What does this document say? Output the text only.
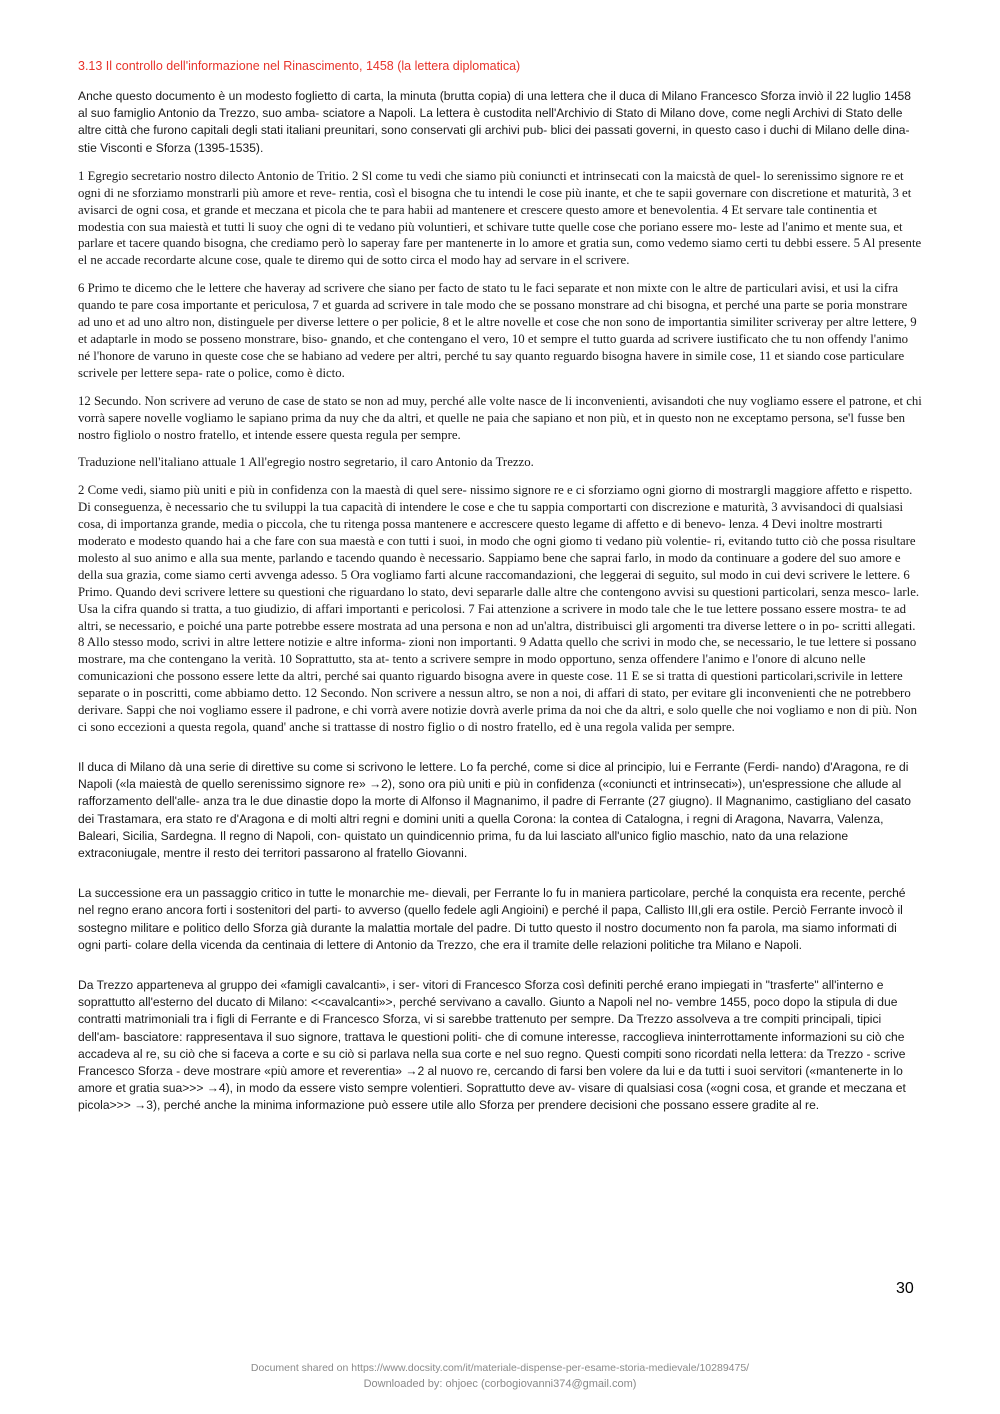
3.13 Il controllo dell'informazione nel Rinascimento, 1458 (la lettera diplomatica)

Anche questo documento è un modesto foglietto di carta, la minuta (brutta copia) di una lettera che il duca di Milano Francesco Sforza inviò il 22 luglio 1458 al suo famiglio Antonio da Trezzo, suo amba- sciatore a Napoli. La lettera è custodita nell'Archivio di Stato di Milano dove, come negli Archivi di Stato delle altre città che furono capitali degli stati italiani preunitari, sono conservati gli archivi pub- blici dei passati governi, in questo caso i duchi di Milano delle dina- stie Visconti e Sforza (1395-1535).

1 Egregio secretario nostro dilecto Antonio de Tritio. 2 Sl come tu vedi che siamo più coniuncti et intrinsecati con la maicstà de quel- lo serenissimo signore re et ogni di ne sforziamo monstrarli più amore et reve- rentia, così el bisogna che tu intendi le cose più inante, et che te sapii governare con discretione et maturità, 3 et avisarci de ogni cosa, et grande et meczana et picola che te para habii ad mantenere et crescere questo amore et benevolentia. 4 Et servare tale continentia et modestia con sua maiestà et tutti li suoy che ogni di te vedano più voluntieri, et schivare tutte quelle cose che poriano essere mo- leste ad l'animo et mente sua, et parlare et tacere quando bisogna, che crediamo però lo saperay fare per mantenerte in lo amore et gratia sun, como vedemo siamo certi tu debbi essere. 5 Al presente el ne accade recordarte alcune cose, quale te diremo qui de sotto circa el modo hay ad servare in el scrivere.

6 Primo te dicemo che le lettere che haveray ad scrivere che siano per facto de stato tu le faci separate et non mixte con le altre de particulari avisi, et usi la cifra quando te pare cosa importante et periculosa, 7 et guarda ad scrivere in tale modo che se possano monstrare ad chi bisogna, et perché una parte se poria monstrare ad uno et ad uno altro non, distinguele per diverse lettere o per policie, 8 et le altre novelle et cose che non sono de importantia similiter scriveray per altre lettere, 9 et adaptarle in modo se posseno monstrare, biso- gnando, et che contengano el vero, 10 et sempre el tutto guarda ad scrivere iustificato che tu non offendy l'animo né l'honore de varuno in queste cose che se habiano ad vedere per altri, perché tu say quanto reguardo bisogna havere in simile cose, 11 et siando cose particulare scrivele per lettere sepa- rate o police, como è dicto.

12 Secundo. Non scrivere ad veruno de case de stato se non ad muy, perché alle volte nasce de li inconvenienti, avisandoti che nuy vogliamo essere el patrone, et chi vorrà sapere novelle vogliamo le sapiano prima da nuy che da altri, et quelle ne paia che sapiano et non più, et in questo non ne exceptamo persona, se'l fusse ben nostro figliolo o nostro fratello, et intende essere questa regula per sempre.

Traduzione nell'italiano attuale 1 All'egregio nostro segretario, il caro Antonio da Trezzo.

2 Come vedi, siamo più uniti e più in confidenza con la maestà di quel sere- nissimo signore re e ci sforziamo ogni giorno di mostrargli maggiore affetto e rispetto. Di conseguenza, è necessario che tu sviluppi la tua capacità di intendere le cose e che tu sappia comportarti con discrezione e maturità, 3 avvisandoci di qualsiasi cosa, di importanza grande, media o piccola, che tu ritenga possa mantenere e accrescere questo legame di affetto e di benevo- lenza. 4 Devi inoltre mostrarti moderato e modesto quando hai a che fare con sua maestà e con tutti i suoi, in modo che ogni giomo ti vedano più volentie- ri, evitando tutto ciò che possa risultare molesto al suo animo e alla sua mente, parlando e tacendo quando è necessario. Sappiamo bene che saprai farlo, in modo da continuare a godere del suo amore e della sua grazia, come siamo certi avvenga adesso. 5 Ora vogliamo farti alcune raccomandazioni, che leggerai di seguito, sul modo in cui devi scrivere le lettere. 6 Primo. Quando devi scrivere lettere su questioni che riguardano lo stato, devi separarle dalle altre che contengono avvisi su questioni particolari, senza mesco- larle. Usa la cifra quando si tratta, a tuo giudizio, di affari importanti e pericolosi. 7 Fai attenzione a scrivere in modo tale che le tue lettere possano essere mostra- te ad altri, se necessario, e poiché una parte potrebbe essere mostrata ad una persona e non ad un'altra, distribuisci gli argomenti tra diverse lettere o in po- scritti allegati. 8 Allo stesso modo, scrivi in altre lettere notizie e altre informa- zioni non importanti. 9 Adatta quello che scrivi in modo che, se necessario, le tue lettere si possano mostrare, ma che contengano la verità. 10 Soprattutto, sta at- tento a scrivere sempre in modo opportuno, senza offendere l'animo e l'onore di alcuno nelle comunicazioni che possono essere lette da altri, perché sai quanto riguardo bisogna avere in queste cose. 11 E se si tratta di questioni particolari,scrivile in lettere separate o in poscritti, come abbiamo detto. 12 Secondo. Non scrivere a nessun altro, se non a noi, di affari di stato, per evitare gli inconvenienti che ne potrebbero derivare. Sappi che noi vogliamo essere il padrone, e chi vorrà avere notizie dovrà averle prima da noi che da altri, e solo quelle che noi vogliamo e non di più. Non ci sono eccezioni a questa regola, quand' anche si trattasse di nostro figlio o di nostro fratello, ed è una regola valida per sempre.

Il duca di Milano dà una serie di direttive su come si scrivono le lettere. Lo fa perché, come si dice al principio, lui e Ferrante (Ferdi- nando) d'Aragona, re di Napoli («la maiestà de quello serenissimo signore re» →2), sono ora più uniti e più in confidenza («coniuncti et intrinsecati»), un'espressione che allude al rafforzamento dell'alle- anza tra le due dinastie dopo la morte di Alfonso il Magnanimo, il padre di Ferrante (27 giugno). Il Magnanimo, castigliano del casato dei Trastamara, era stato re d'Aragona e di molti altri regni e domini uniti a quella Corona: la contea di Catalogna, i regni di Aragona, Navarra, Valenza, Baleari, Sicilia, Sardegna. Il regno di Napoli, con- quistato un quindicennio prima, fu da lui lasciato all'unico figlio maschio, nato da una relazione extraconiugale, mentre il resto dei territori passarono al fratello Giovanni.

La successione era un passaggio critico in tutte le monarchie me- dievali, per Ferrante lo fu in maniera particolare, perché la conquista era recente, perché nel regno erano ancora forti i sostenitori del parti- to avverso (quello fedele agli Angioini) e perché il papa, Callisto III,gli era ostile. Perciò Ferrante invocò il sostegno militare e politico dello Sforza già durante la malattia mortale del padre. Di tutto questo il nostro documento non fa parola, ma siamo informati di ogni parti- colare della vicenda da centinaia di lettere di Antonio da Trezzo, che era il tramite delle relazioni politiche tra Milano e Napoli.

Da Trezzo apparteneva al gruppo dei «famigli cavalcanti», i ser- vitori di Francesco Sforza così definiti perché erano impiegati in "trasferte" all'interno e soprattutto all'esterno del ducato di Milano: <<cavalcanti»>, perché servivano a cavallo. Giunto a Napoli nel no- vembre 1455, poco dopo la stipula di due contratti matrimoniali tra i figli di Ferrante e di Francesco Sforza, vi si sarebbe trattenuto per sempre. Da Trezzo assolveva a tre compiti principali, tipici dell'am- basciatore: rappresentava il suo signore, trattava le questioni politi- che di comune interesse, raccoglieva ininterrottamente informazioni su ciò che accadeva al re, su ciò che si faceva a corte e su ciò si parlava nella sua corte e nel suo regno. Questi compiti sono ricordati nella lettera: da Trezzo - scrive Francesco Sforza - deve mostrare «più amore et reverentia» →2 al nuovo re, cercando di farsi ben volere da lui e da tutti i suoi servitori («mantenerte in lo amore et gratia sua>>> →4), in modo da essere visto sempre volentieri. Soprattutto deve av- visare di qualsiasi cosa («ogni cosa, et grande et meczana et picola>>> →3), perché anche la minima informazione può essere utile allo Sforza per prendere decisioni che possano essere gradite al re.

30
Document shared on https://www.docsity.com/it/materiale-dispense-per-esame-storia-medievale/10289475/
Downloaded by: ohjoec (corbogiovanni374@gmail.com)
